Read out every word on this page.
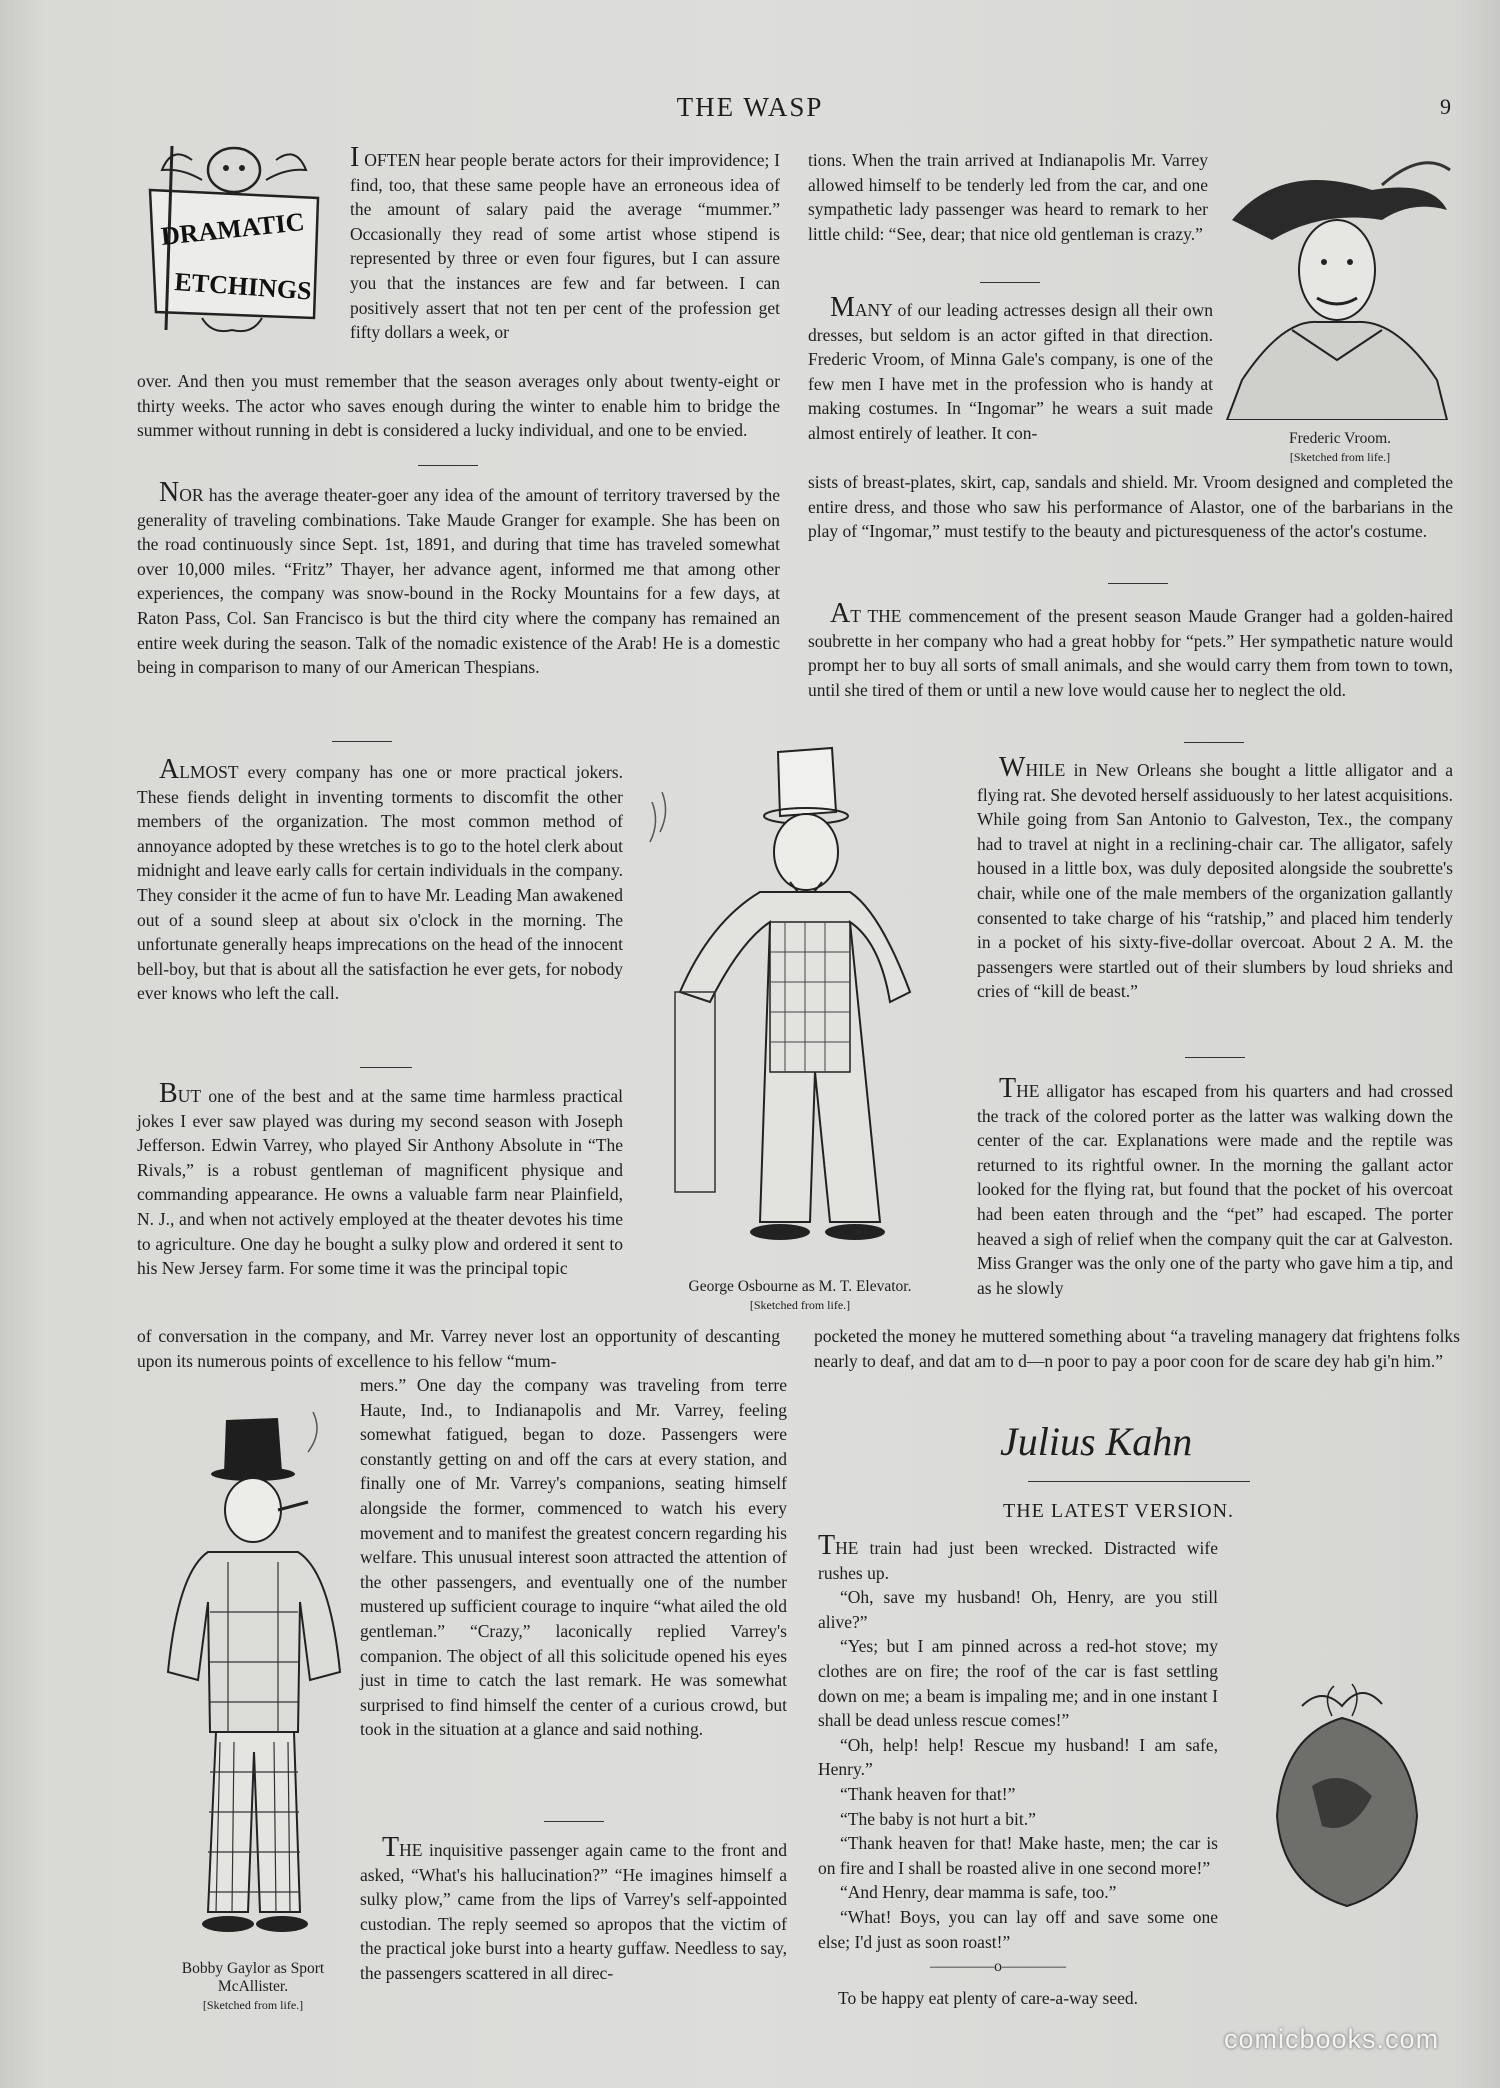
THE WASP	9
DRAMATIC
ETCHINGS

I OFTEN hear people berate actors for their improvidence; I find, too, that these same people have an erroneous idea of the amount of salary paid the average “mummer.” Occasionally they read of some artist whose stipend is represented by three or even four figures, but I can assure you that the instances are few and far between. I can positively assert that not ten per cent of the profession get fifty dollars a week, or

over. And then you must remember that the season averages only about twenty-eight or thirty weeks. The actor who saves enough during the winter to enable him to bridge the summer without running in debt is considered a lucky individual, and one to be envied.

NOR has the average theater-goer any idea of the amount of territory traversed by the generality of traveling combinations. Take Maude Granger for example. She has been on the road continuously since Sept. 1st, 1891, and during that time has traveled somewhat over 10,000 miles. “Fritz” Thayer, her advance agent, informed me that among other experiences, the company was snow-bound in the Rocky Mountains for a few days, at Raton Pass, Col. San Francisco is but the third city where the company has remained an entire week during the season. Talk of the nomadic existence of the Arab! He is a domestic being in comparison to many of our American Thespians.

ALMOST every company has one or more practical jokers. These fiends delight in inventing torments to discomfit the other members of the organization. The most common method of annoyance adopted by these wretches is to go to the hotel clerk about midnight and leave early calls for certain individuals in the company. They consider it the acme of fun to have Mr. Leading Man awakened out of a sound sleep at about six o'clock in the morning. The unfortunate generally heaps imprecations on the head of the innocent bell-boy, but that is about all the satisfaction he ever gets, for nobody ever knows who left the call.

BUT one of the best and at the same time harmless practical jokes I ever saw played was during my second season with Joseph Jefferson. Edwin Varrey, who played Sir Anthony Absolute in “The Rivals,” is a robust gentleman of magnificent physique and commanding appearance. He owns a valuable farm near Plainfield, N. J., and when not actively employed at the theater devotes his time to agriculture. One day he bought a sulky plow and ordered it sent to his New Jersey farm. For some time it was the principal topic

of conversation in the company, and Mr. Varrey never lost an opportunity of descanting upon its numerous points of excellence to his fellow “mum-
mers.” One day the company was traveling from terre Haute, Ind., to Indianapolis and Mr. Varrey, feeling somewhat fatigued, began to doze. Passengers were constantly getting on and off the cars at every station, and finally one of Mr. Varrey's companions, seating himself alongside the former, commenced to watch his every movement and to manifest the greatest concern regarding his welfare. This unusual interest soon attracted the attention of the other passengers, and eventually one of the number mustered up sufficient courage to inquire “what ailed the old gentleman.” “Crazy,” laconically replied Varrey's companion. The object of all this solicitude opened his eyes just in time to catch the last remark. He was somewhat surprised to find himself the center of a curious crowd, but took in the situation at a glance and said nothing.

THE inquisitive passenger again came to the front and asked, “What's his hallucination?” “He imagines himself a sulky plow,” came from the lips of Varrey's self-appointed custodian. The reply seemed so apropos that the victim of the practical joke burst into a hearty guffaw. Needless to say, the passengers scattered in all direc-

tions. When the train arrived at Indianapolis Mr. Varrey allowed himself to be tenderly led from the car, and one sympathetic lady passenger was heard to remark to her little child: “See, dear; that nice old gentleman is crazy.”

MANY of our leading actresses design all their own dresses, but seldom is an actor gifted in that direction. Frederic Vroom, of Minna Gale's company, is one of the few men I have met in the profession who is handy at making costumes. In “Ingomar” he wears a suit made almost entirely of leather. It con-

sists of breast-plates, skirt, cap, sandals and shield. Mr. Vroom designed and completed the entire dress, and those who saw his performance of Alastor, one of the barbarians in the play of “Ingomar,” must testify to the beauty and picturesqueness of the actor's costume.

AT THE commencement of the present season Maude Granger had a golden-haired soubrette in her company who had a great hobby for “pets.” Her sympathetic nature would prompt her to buy all sorts of small animals, and she would carry them from town to town, until she tired of them or until a new love would cause her to neglect the old.

WHILE in New Orleans she bought a little alligator and a flying rat. She devoted herself assiduously to her latest acquisitions. While going from San Antonio to Galveston, Tex., the company had to travel at night in a reclining-chair car. The alligator, safely housed in a little box, was duly deposited alongside the soubrette's chair, while one of the male members of the organization gallantly consented to take charge of his “ratship,” and placed him tenderly in a pocket of his sixty-five-dollar overcoat. About 2 A. M. the passengers were startled out of their slumbers by loud shrieks and cries of “kill de beast.”

THE alligator has escaped from his quarters and had crossed the track of the colored porter as the latter was walking down the center of the car. Explanations were made and the reptile was returned to its rightful owner. In the morning the gallant actor looked for the flying rat, but found that the pocket of his overcoat had been eaten through and the “pet” had escaped. The porter heaved a sigh of relief when the company quit the car at Galveston. Miss Granger was the only one of the party who gave him a tip, and as he slowly

pocketed the money he muttered something about “a traveling managery dat frightens folks nearly to deaf, and dat am to d—n poor to pay a poor coon for de scare dey hab gi'n him.”
Julius Kahn
THE LATEST VERSION.

THE train had just been wrecked. Distracted wife rushes up.

“Oh, save my husband! Oh, Henry, are you still alive?”

“Yes; but I am pinned across a red-hot stove; my clothes are on fire; the roof of the car is fast settling down on me; a beam is impaling me; and in one instant I shall be dead unless rescue comes!”

“Oh, help! help! Rescue my husband! I am safe, Henry.”

“Thank heaven for that!”

“The baby is not hurt a bit.”

“Thank heaven for that! Make haste, men; the car is on fire and I shall be roasted alive in one second more!”

“And Henry, dear mamma is safe, too.”

“What! Boys, you can lay off and save some one else; I'd just as soon roast!”

————o————
To be happy eat plenty of care-a-way seed.
Frederic Vroom.
[Sketched from life.]
George Osbourne as M. T. Elevator.
[Sketched from life.]
Bobby Gaylor as Sport McAllister.
[Sketched from life.]
comicbooks.com
